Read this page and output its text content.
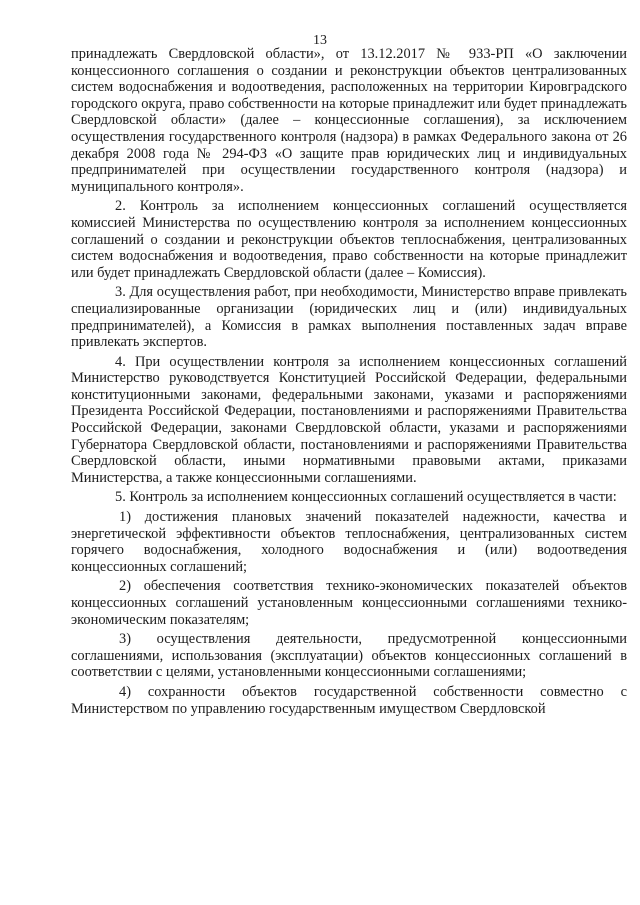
13

принадлежать Свердловской области», от 13.12.2017 № 933-РП «О заключении концессионного соглашения о создании и реконструкции объектов централизованных систем водоснабжения и водоотведения, расположенных на территории Кировградского городского округа, право собственности на которые принадлежит или будет принадлежать Свердловской области» (далее – концессионные соглашения), за исключением осуществления государственного контроля (надзора) в рамках Федерального закона от 26 декабря 2008 года № 294-ФЗ «О защите прав юридических лиц и индивидуальных предпринимателей при осуществлении государственного контроля (надзора) и муниципального контроля».

2. Контроль за исполнением концессионных соглашений осуществляется комиссией Министерства по осуществлению контроля за исполнением концессионных соглашений о создании и реконструкции объектов теплоснабжения, централизованных систем водоснабжения и водоотведения, право собственности на которые принадлежит или будет принадлежать Свердловской области (далее – Комиссия).

3. Для осуществления работ, при необходимости, Министерство вправе привлекать специализированные организации (юридических лиц и (или) индивидуальных предпринимателей), а Комиссия в рамках выполнения поставленных задач вправе привлекать экспертов.

4. При осуществлении контроля за исполнением концессионных соглашений Министерство руководствуется Конституцией Российской Федерации, федеральными конституционными законами, федеральными законами, указами и распоряжениями Президента Российской Федерации, постановлениями и распоряжениями Правительства Российской Федерации, законами Свердловской области, указами и распоряжениями Губернатора Свердловской области, постановлениями и распоряжениями Правительства Свердловской области, иными нормативными правовыми актами, приказами Министерства, а также концессионными соглашениями.

5. Контроль за исполнением концессионных соглашений осуществляется в части:

1) достижения плановых значений показателей надежности, качества и энергетической эффективности объектов теплоснабжения, централизованных систем горячего водоснабжения, холодного водоснабжения и (или) водоотведения концессионных соглашений;

2) обеспечения соответствия технико-экономических показателей объектов концессионных соглашений установленным концессионными соглашениями технико-экономическим показателям;

3) осуществления деятельности, предусмотренной концессионными соглашениями, использования (эксплуатации) объектов концессионных соглашений в соответствии с целями, установленными концессионными соглашениями;

4) сохранности объектов государственной собственности совместно с Министерством по управлению государственным имуществом Свердловской
